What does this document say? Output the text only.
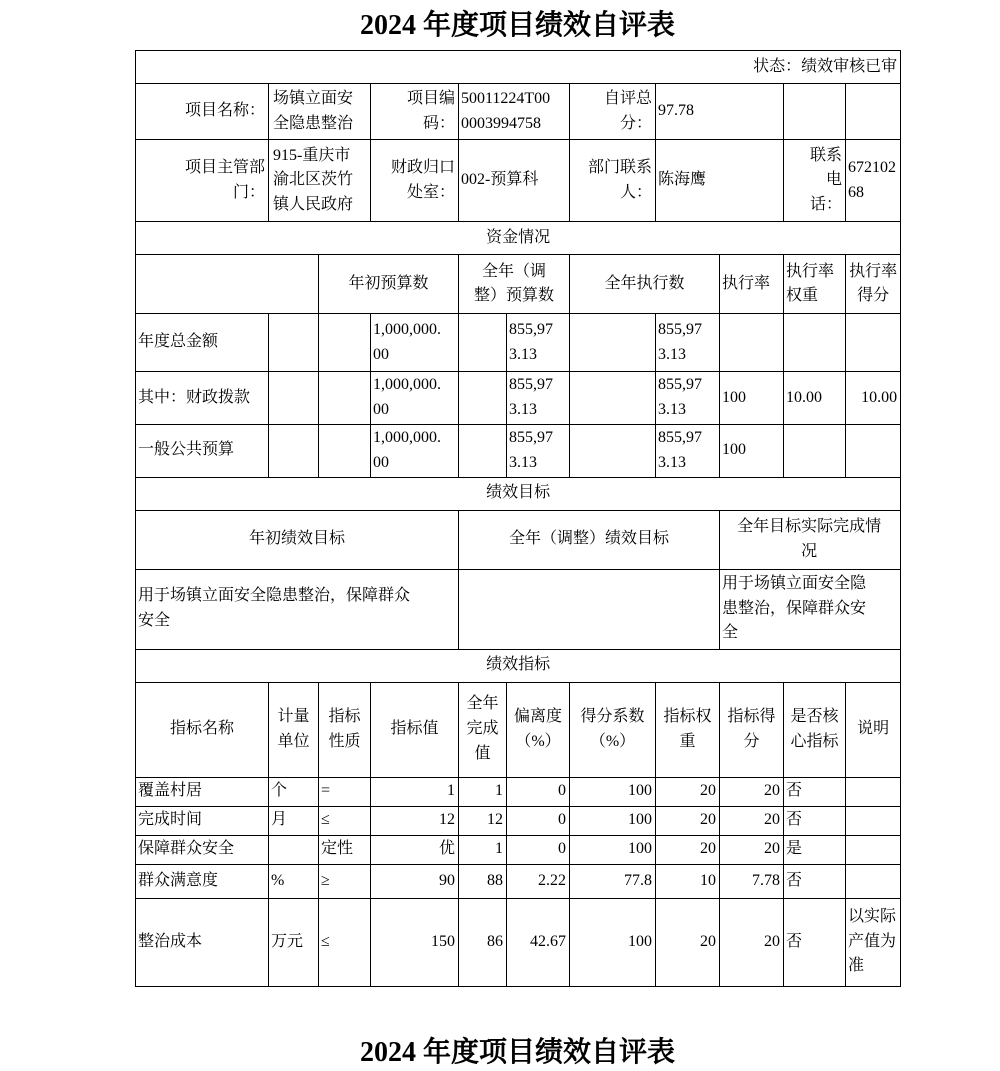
2024 年度项目绩效自评表
状态：绩效审核已审										
项目名称：	场镇立面安全隐患整治		项目编码：	50011224T000003994758		自评总分：	97.78			
项目主管部门：	915-重庆市渝北区茨竹镇人民政府		财政归口处室：	002-预算科		部门联系人：	陈海鹰		联系电话：	67210268
资金情况										
		年初预算数		全年（调整）预算数		全年执行数		执行率	执行率权重	执行率得分
年度总金额			1,000,000.00		855,973.13		855,973.13			
其中：财政拨款			1,000,000.00		855,973.13		855,973.13	100	10.00	10.00
一般公共预算			1,000,000.00		855,973.13		855,973.13	100		
绩效目标										
年初绩效目标				全年（调整）绩效目标				全年目标实际完成情况		
用于场镇立面安全隐患整治，保障群众安全								用于场镇立面安全隐患整治，保障群众安全		
绩效指标										
指标名称	计量单位	指标性质	指标值	全年完成值	偏离度（%）	得分系数（%）	指标权重	指标得分	是否核心指标	说明
覆盖村居	个	=	1	1	0	100	20	20	否	
完成时间	月	≤	12	12	0	100	20	20	否	
保障群众安全		定性	优	1	0	100	20	20	是	
群众满意度	%	≥	90	88	2.22	77.8	10	7.78	否	
整治成本	万元	≤	150	86	42.67	100	20	20	否	以实际产值为准
2024 年度项目绩效自评表
